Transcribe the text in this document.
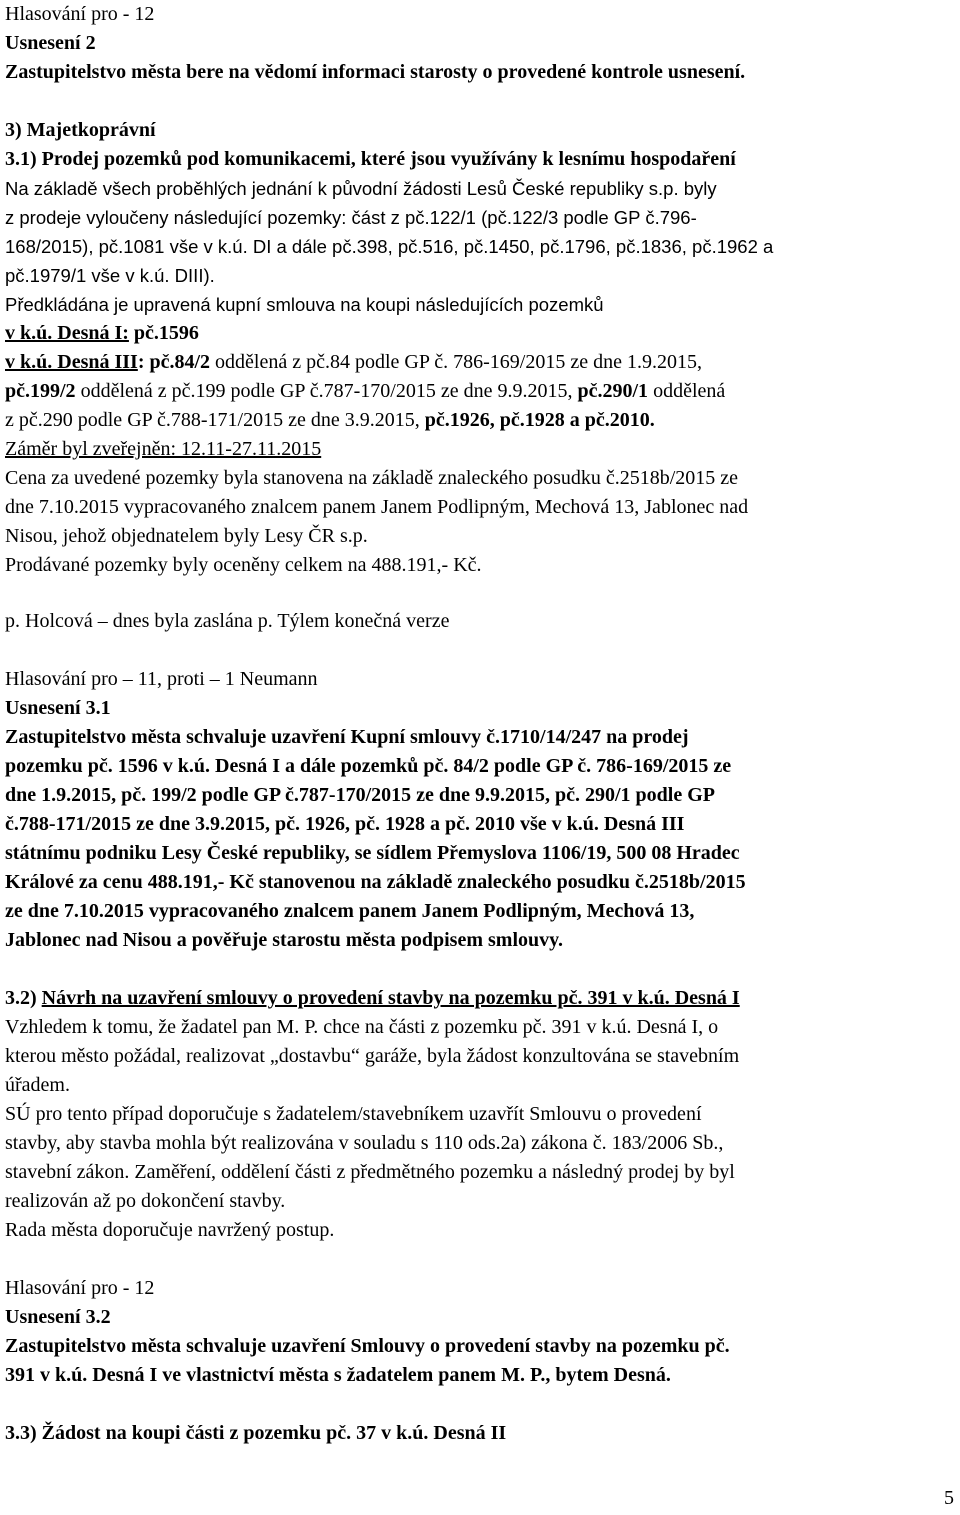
Hlasování pro - 12
Usnesení 2
Zastupitelstvo města bere na vědomí informaci starosty o provedené kontrole usnesení.
3) Majetkoprávní
3.1) Prodej pozemků pod komunikacemi, které jsou využívány k lesnímu hospodaření
Na základě všech proběhlých jednání k původní žádosti Lesů České republiky s.p. byly
z prodeje vyloučeny následující pozemky: část z pč.122/1 (pč.122/3 podle GP č.796-
168/2015), pč.1081 vše v k.ú. DI a dále pč.398, pč.516, pč.1450, pč.1796, pč.1836, pč.1962 a
pč.1979/1 vše v k.ú. DIII).
Předkládána je upravená kupní smlouva na koupi následujících pozemků
v k.ú. Desná I: pč.1596
v k.ú. Desná III: pč.84/2 oddělená z pč.84 podle GP č. 786-169/2015 ze dne 1.9.2015,
pč.199/2 oddělená z pč.199 podle GP č.787-170/2015 ze dne 9.9.2015, pč.290/1 oddělená
z pč.290 podle GP č.788-171/2015 ze dne 3.9.2015, pč.1926, pč.1928 a pč.2010.
Záměr byl zveřejněn: 12.11-27.11.2015
Cena za uvedené pozemky byla stanovena na základě znaleckého posudku č.2518b/2015 ze
dne 7.10.2015 vypracovaného znalcem panem Janem Podlipným, Mechová 13, Jablonec nad
Nisou, jehož objednatelem byly Lesy ČR s.p.
Prodávané pozemky byly oceněny celkem na 488.191,- Kč.
p. Holcová – dnes byla zaslána p. Týlem konečná verze
Hlasování pro – 11, proti – 1 Neumann
Usnesení 3.1
Zastupitelstvo města schvaluje uzavření Kupní smlouvy č.1710/14/247 na prodej
pozemku pč. 1596 v k.ú. Desná I a dále pozemků pč. 84/2 podle GP č. 786-169/2015 ze
dne 1.9.2015, pč. 199/2 podle GP č.787-170/2015 ze dne 9.9.2015, pč. 290/1 podle GP
č.788-171/2015 ze dne 3.9.2015, pč. 1926, pč. 1928 a pč. 2010 vše v k.ú. Desná III
státnímu podniku Lesy České republiky, se sídlem Přemyslova 1106/19, 500 08 Hradec
Králové za cenu 488.191,- Kč stanovenou na základě znaleckého posudku č.2518b/2015
ze dne 7.10.2015 vypracovaného znalcem panem Janem Podlipným, Mechová 13,
Jablonec nad Nisou a pověřuje starostu města podpisem smlouvy.
3.2) Návrh na uzavření smlouvy o provedení stavby na pozemku pč. 391 v k.ú. Desná I
Vzhledem k tomu, že žadatel pan M. P. chce na části z pozemku pč. 391 v k.ú. Desná I, o
kterou město požádal, realizovat „dostavbu“ garáže, byla žádost konzultována se stavebním
úřadem.
SÚ pro tento případ doporučuje s žadatelem/stavebníkem uzavřít Smlouvu o provedení
stavby, aby stavba mohla být realizována v souladu s 110 ods.2a) zákona č. 183/2006 Sb.,
stavební zákon. Zaměření, oddělení části z předmětného pozemku a následný prodej by byl
realizován až po dokončení stavby.
Rada města doporučuje navržený postup.
Hlasování pro - 12
Usnesení 3.2
Zastupitelstvo města schvaluje uzavření Smlouvy o provedení stavby na pozemku pč.
391 v k.ú. Desná I ve vlastnictví města s žadatelem panem M. P., bytem Desná.
3.3) Žádost na koupi části z pozemku pč. 37 v k.ú. Desná II
5
